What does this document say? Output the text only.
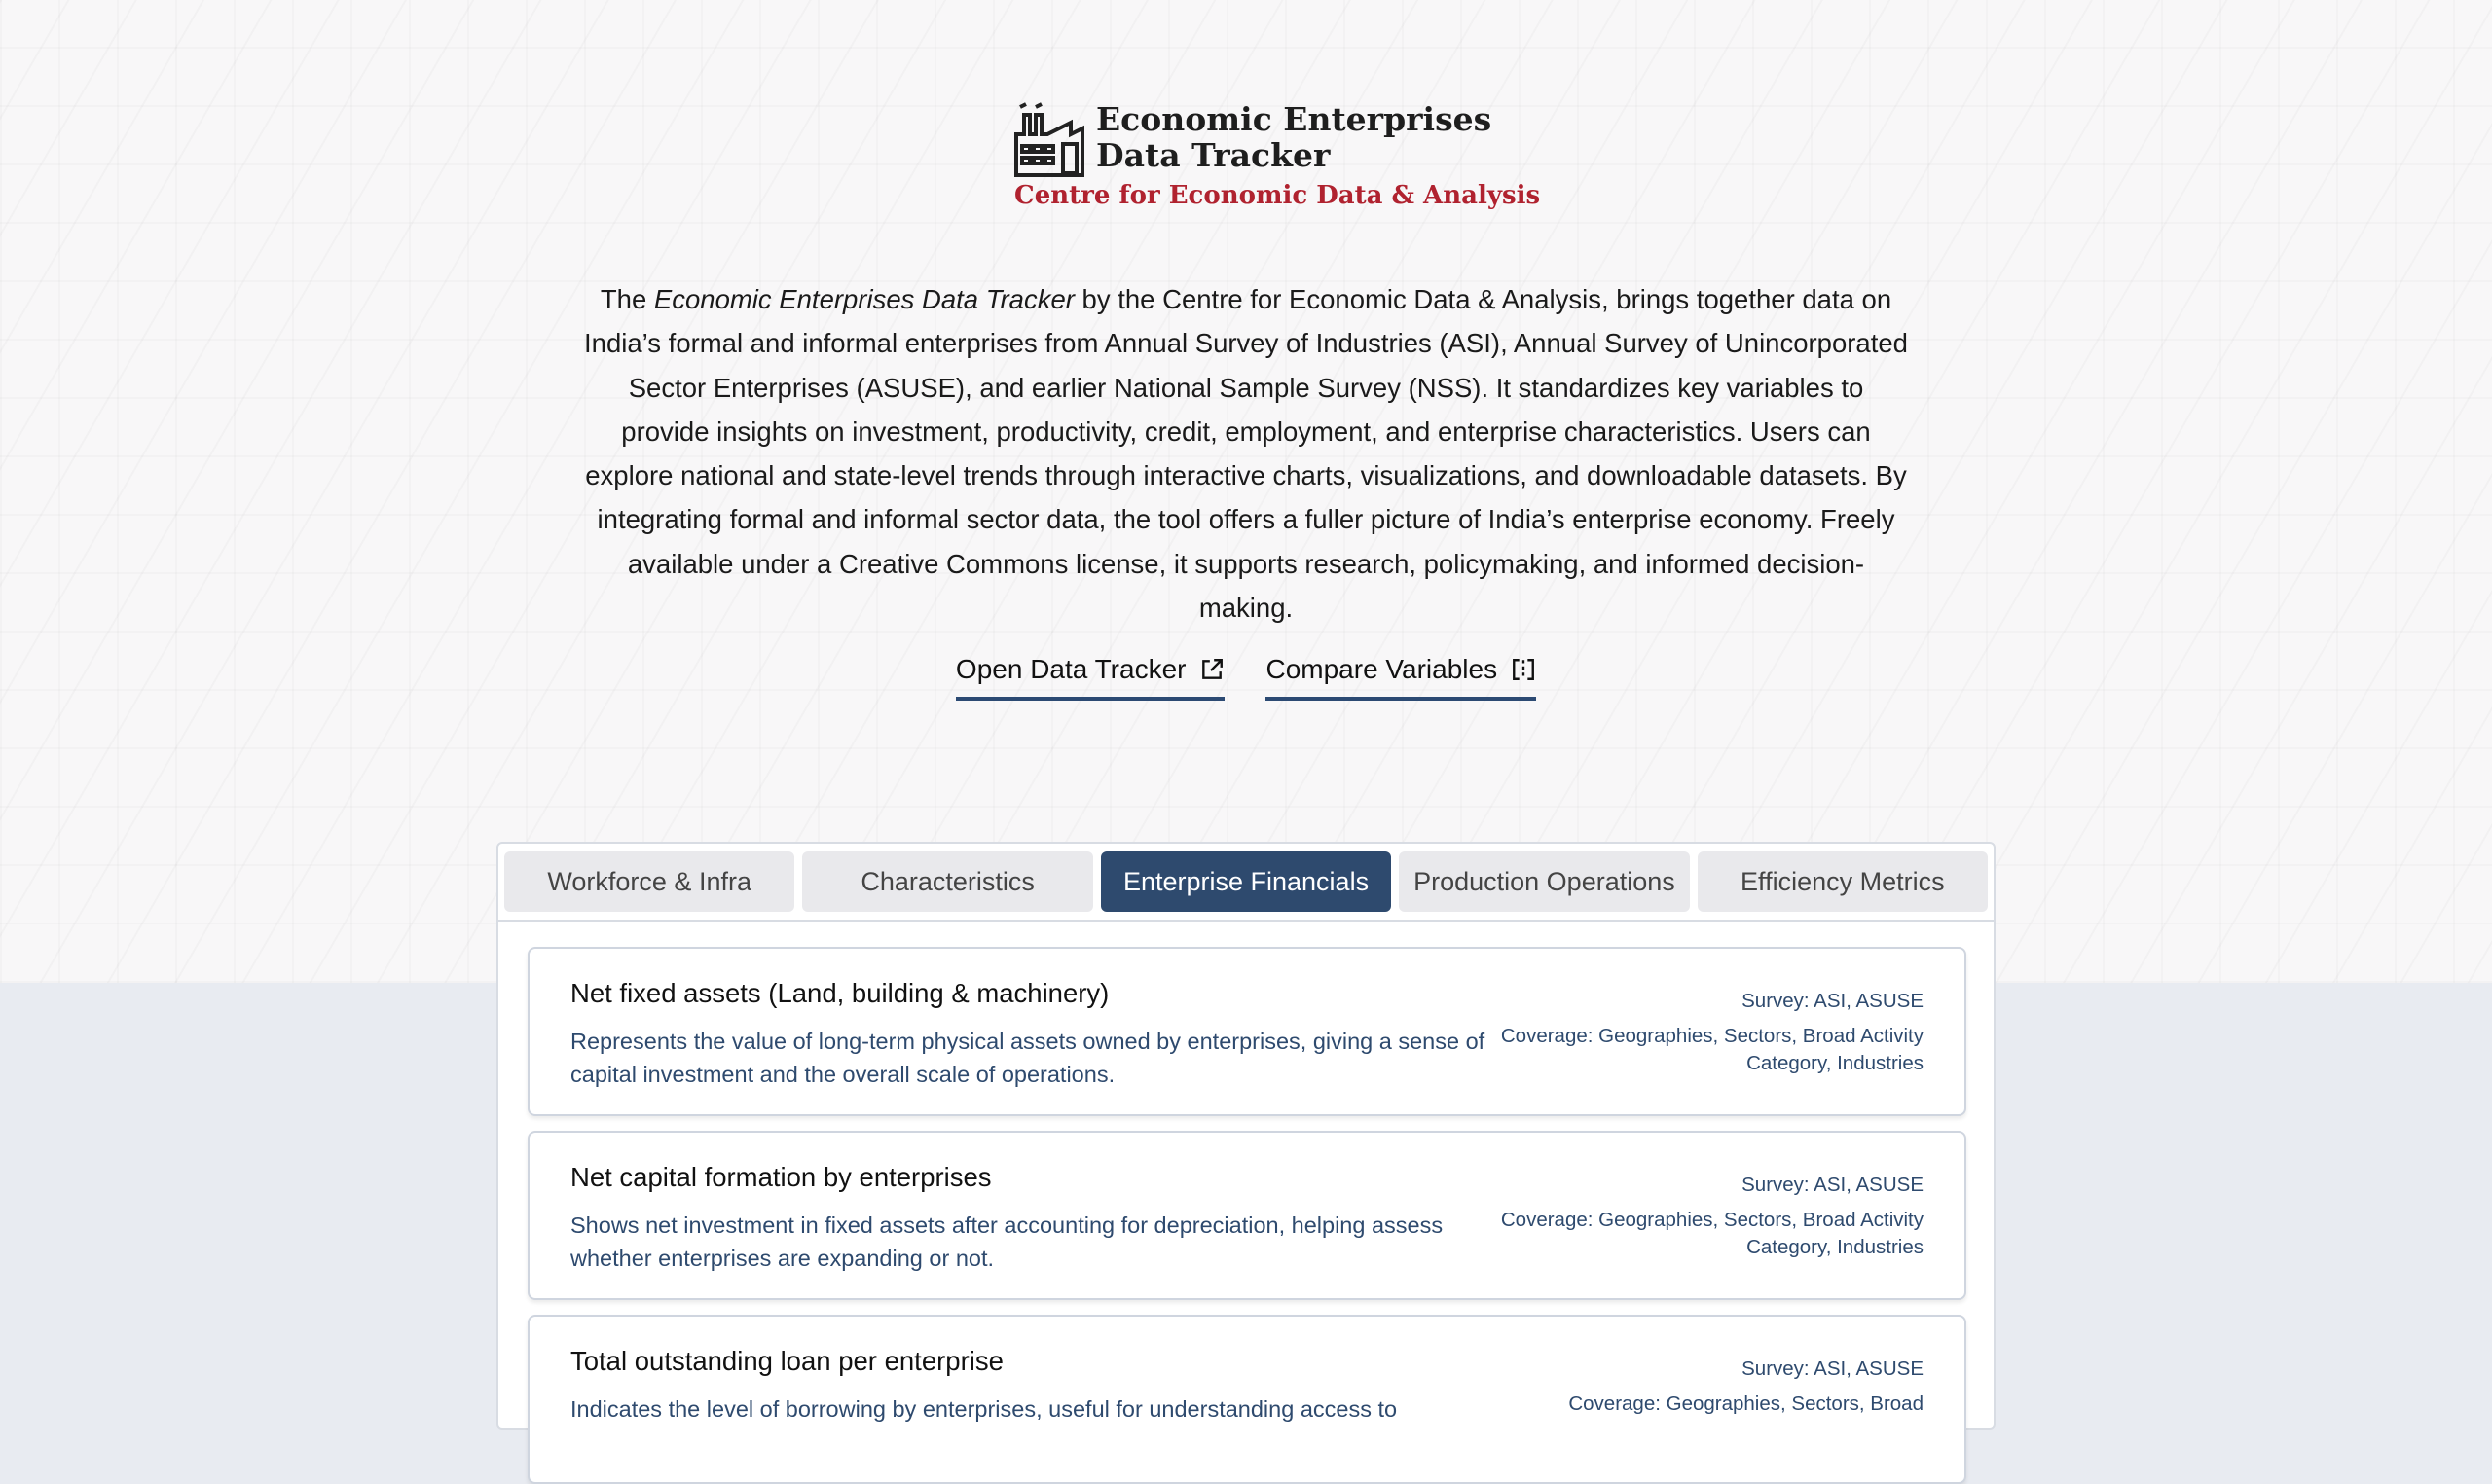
Economic Enterprises
Data Tracker
Centre for Economic Data & Analysis

The Economic Enterprises Data Tracker by the Centre for Economic Data & Analysis, brings together data on India’s formal and informal enterprises from Annual Survey of Industries (ASI), Annual Survey of Unincorporated Sector Enterprises (ASUSE), and earlier National Sample Survey (NSS). It standardizes key variables to provide insights on investment, productivity, credit, employment, and enterprise characteristics. Users can explore national and state-level trends through interactive charts, visualizations, and downloadable datasets. By integrating formal and informal sector data, the tool offers a fuller picture of India’s enterprise economy. Freely available under a Creative Commons license, it supports research, policymaking, and informed decision-making.

Open Data Tracker	Compare Variables
Workforce & Infra	Characteristics	Enterprise Financials	Production Operations	Efficiency Metrics
Net fixed assets (Land, building & machinery)
Represents the value of long-term physical assets owned by enterprises, giving a sense of capital investment and the overall scale of operations.
Survey: ASI, ASUSE
Coverage: Geographies, Sectors, Broad Activity Category, Industries
Net capital formation by enterprises
Shows net investment in fixed assets after accounting for depreciation, helping assess whether enterprises are expanding or not.
Survey: ASI, ASUSE
Coverage: Geographies, Sectors, Broad Activity Category, Industries
Total outstanding loan per enterprise
Indicates the level of borrowing by enterprises, useful for understanding access to
Survey: ASI, ASUSE
Coverage: Geographies, Sectors, Broad
